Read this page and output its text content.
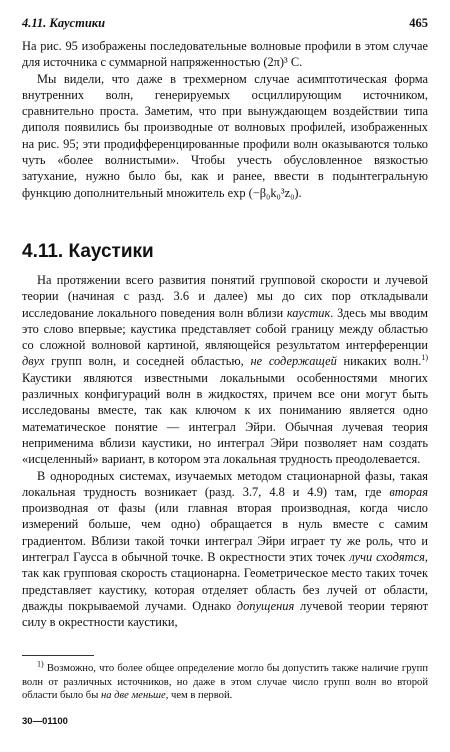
4.11. Каустики	465

На рис. 95 изображены последовательные волновые профили в этом случае для источника с суммарной напряженностью (2π)³ C.

Мы видели, что даже в трехмерном случае асимптотическая форма внутренних волн, генерируемых осциллирующим источником, сравнительно проста. Заметим, что при вынуждающем воздействии типа диполя появились бы производные от волновых профилей, изображенных на рис. 95; эти продифференцированные профили волн оказываются только чуть «более волнистыми». Чтобы учесть обусловленное вязкостью затухание, нужно было бы, как и ранее, ввести в подынтегральную функцию дополнительный множитель exp (−β₀k₀³z₀).

4.11. Каустики

На протяжении всего развития понятий групповой скорости и лучевой теории (начиная с разд. 3.6 и далее) мы до сих пор откладывали исследование локального поведения волн вблизи каустик. Здесь мы вводим это слово впервые; каустика представляет собой границу между областью со сложной волновой картиной, являющейся результатом интерференции двух групп волн, и соседней областью, не содержащей никаких волн.$^{1)}$ Каустики являются известными локальными особенностями многих различных конфигураций волн в жидкостях, причем все они могут быть исследованы вместе, так как ключом к их пониманию является одно математическое понятие — интеграл Эйри. Обычная лучевая теория неприменима вблизи каустики, но интеграл Эйри позволяет нам создать «исцеленный» вариант, в котором эта локальная трудность преодолевается.

В однородных системах, изучаемых методом стационарной фазы, такая локальная трудность возникает (разд. 3.7, 4.8 и 4.9) там, где вторая производная от фазы (или главная вторая производная, когда число измерений больше, чем одно) обращается в нуль вместе с самим градиентом. Вблизи такой точки интеграл Эйри играет ту же роль, что и интеграл Гаусса в обычной точке. В окрестности этих точек лучи сходятся, так как групповая скорость стационарна. Геометрическое место таких точек представляет каустику, которая отделяет область без лучей от области, дважды покрываемой лучами. Однако допущения лучевой теории теряют силу в окрестности каустики,

$^{1)}$ Возможно, что более общее определение могло бы допустить также наличие групп волн от различных источников, но даже в этом случае число групп волн во второй области было бы на две меньше, чем в первой.
30—01100
